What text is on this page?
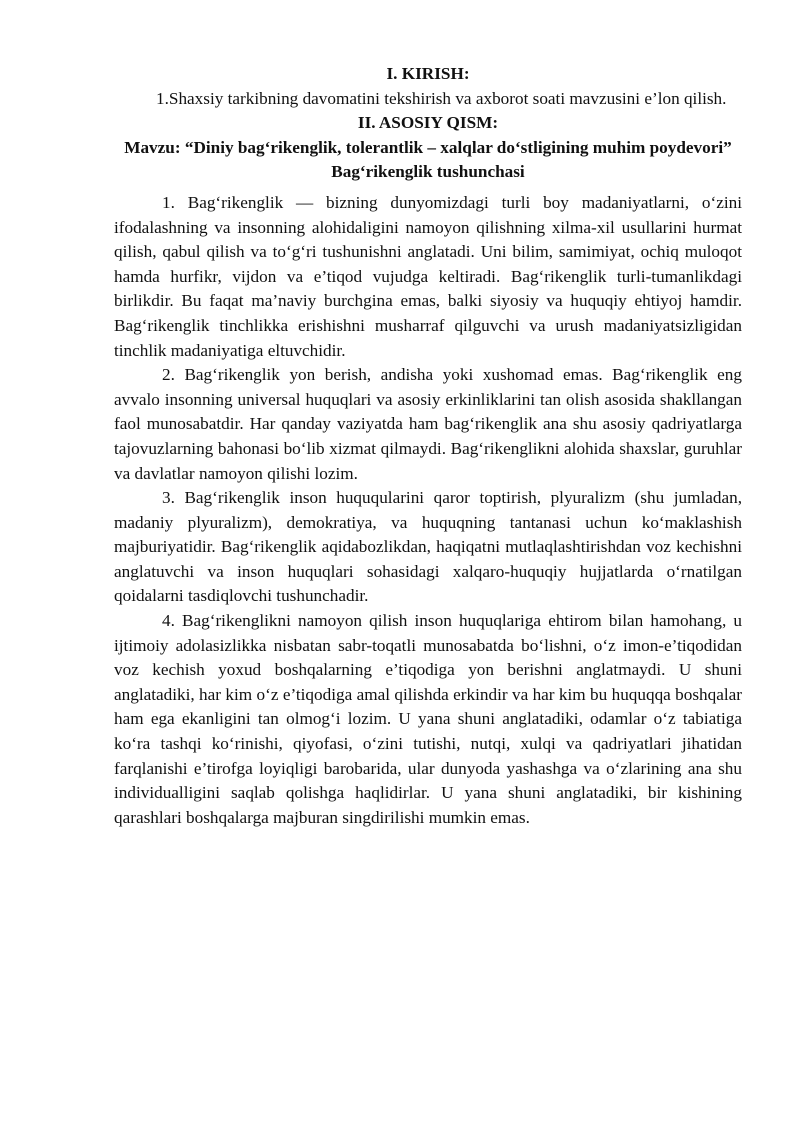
I. KIRISH:

1.Shaxsiy tarkibning davomatini tekshirish va axborot soati mavzusini e’lon qilish.

II. ASOSIY QISM:

Mavzu: “Diniy bag‘rikenglik, tolerantlik – xalqlar do‘stligining muhim poydevori”

Bag‘rikenglik tushunchasi

1. Bag‘rikenglik — bizning dunyomizdagi turli boy madaniyatlarni, o‘zini ifodalashning va insonning alohidaligini namoyon qilishning xilma-xil usullarini hurmat qilish, qabul qilish va to‘g‘ri tushunishni anglatadi. Uni bilim, samimiyat, ochiq muloqot hamda hurfikr, vijdon va e’tiqod vujudga keltiradi. Bag‘rikenglik turli-tumanlikdagi birlikdir. Bu faqat ma’naviy burchgina emas, balki siyosiy va huquqiy ehtiyoj hamdir. Bag‘rikenglik tinchlikka erishishni musharraf qilguvchi va urush madaniyatsizligidan tinchlik madaniyatiga eltuvchidir.

2. Bag‘rikenglik yon berish, andisha yoki xushomad emas. Bag‘rikenglik eng avvalo insonning universal huquqlari va asosiy erkinliklarini tan olish asosida shakllangan faol munosabatdir. Har qanday vaziyatda ham bag‘rikenglik ana shu asosiy qadriyatlarga tajovuzlarning bahonasi bo‘lib xizmat qilmaydi. Bag‘rikenglikni alohida shaxslar, guruhlar va davlatlar namoyon qilishi lozim.

3. Bag‘rikenglik inson huquqularini qaror toptirish, plyuralizm (shu jumladan, madaniy plyuralizm), demokratiya, va huquqning tantanasi uchun ko‘maklashish majburiyatidir. Bag‘rikenglik aqidabozlikdan, haqiqatni mutlaqlashtirishdan voz kechishni anglatuvchi va inson huquqlari sohasidagi xalqaro-huquqiy hujjatlarda o‘rnatilgan qoidalarni tasdiqlovchi tushunchadir.

4. Bag‘rikenglikni namoyon qilish inson huquqlariga ehtirom bilan hamohang, u ijtimoiy adolasizlikka nisbatan sabr-toqatli munosabatda bo‘lishni, o‘z imon-e’tiqodidan voz kechish yoxud boshqalarning e’tiqodiga yon berishni anglatmaydi. U shuni anglatadiki, har kim o‘z e’tiqodiga amal qilishda erkindir va har kim bu huquqqa boshqalar ham ega ekanligini tan olmog‘i lozim. U yana shuni anglatadiki, odamlar o‘z tabiatiga ko‘ra tashqi ko‘rinishi, qiyofasi, o‘zini tutishi, nutqi, xulqi va qadriyatlari jihatidan farqlanishi e’tirofga loyiqligi barobarida, ular dunyoda yashashga va o‘zlarining ana shu individualligini saqlab qolishga haqlidirlar. U yana shuni anglatadiki, bir kishining qarashlari boshqalarga majburan singdirilishi mumkin emas.
